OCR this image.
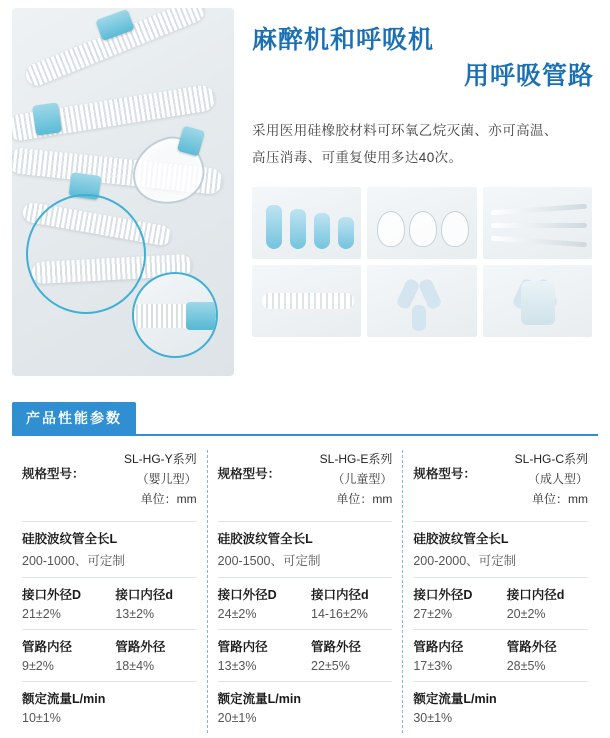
麻醉机和呼吸机
用呼吸管路
采用医用硅橡胶材料可环氧乙烷灭菌、亦可高温、
高压消毒、可重复使用多达40次。
产品性能参数
规格型号：
SL-HG-Y系列
（婴儿型）
单位：mm
硅胶波纹管全长L
200-1000、可定制
接口外径D	接口内径d
21±2%	13±2%
管路内径	管路外径
9±2%	18±4%
额定流量L/min
10±1%
规格型号：
SL-HG-E系列
（儿童型）
单位：mm
硅胶波纹管全长L
200-1500、可定制
接口外径D	接口内径d
24±2%	14-16±2%
管路内径	管路外径
13±3%	22±5%
额定流量L/min
20±1%
规格型号：
SL-HG-C系列
（成人型）
单位：mm
硅胶波纹管全长L
200-2000、可定制
接口外径D	接口内径d
27±2%	20±2%
管路内径	管路外径
17±3%	28±5%
额定流量L/min
30±1%
